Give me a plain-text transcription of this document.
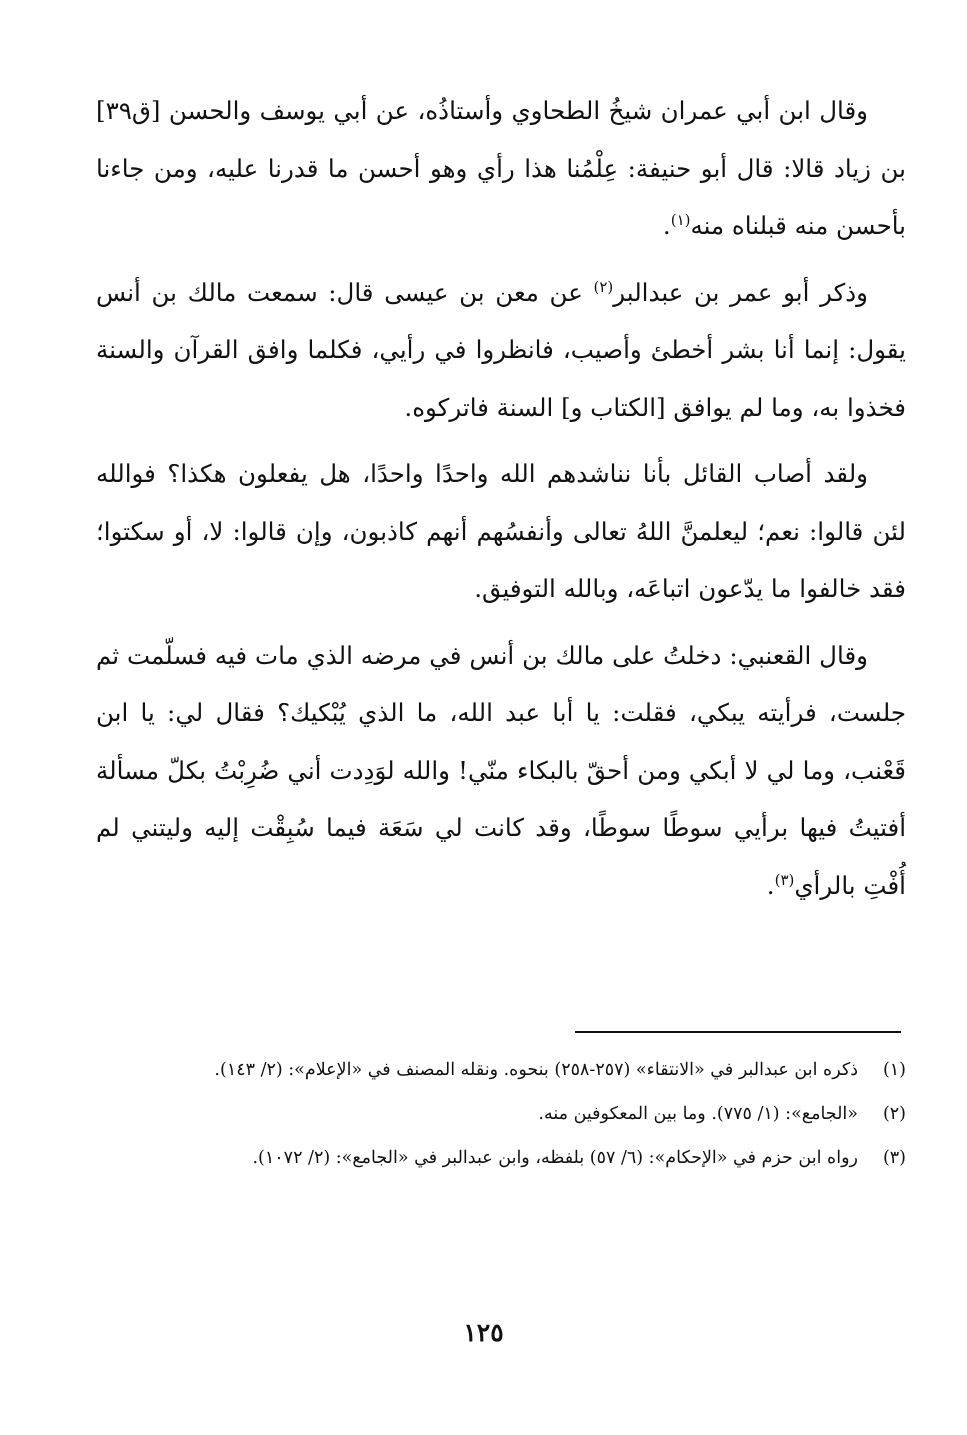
وقال ابن أبي عمران شيخُ الطحاوي وأستاذُه، عن أبي يوسف والحسن [ق٣٩] بن زياد قالا: قال أبو حنيفة: عِلْمُنا هذا رأي وهو أحسن ما قدرنا عليه، ومن جاءنا بأحسن منه قبلناه منه$^{(١)}$.

وذكر أبو عمر بن عبدالبر$^{(٢)}$ عن معن بن عيسى قال: سمعت مالك بن أنس يقول: إنما أنا بشر أخطئ وأصيب، فانظروا في رأيي، فكلما وافق القرآن والسنة فخذوا به، وما لم يوافق [الكتاب و] السنة فاتركوه.

ولقد أصاب القائل بأنا نناشدهم الله واحدًا واحدًا، هل يفعلون هكذا؟ فوالله لئن قالوا: نعم؛ ليعلمنَّ اللهُ تعالى وأنفسُهم أنهم كاذبون، وإن قالوا: لا، أو سكتوا؛ فقد خالفوا ما يدّعون اتباعَه، وبالله التوفيق.

وقال القعنبي: دخلتُ على مالك بن أنس في مرضه الذي مات فيه فسلّمت ثم جلست، فرأيته يبكي، فقلت: يا أبا عبد الله، ما الذي يُبْكيك؟ فقال لي: يا ابن قَعْنب، وما لي لا أبكي ومن أحقّ بالبكاء منّي! والله لوَدِدت أني ضُرِبْتُ بكلّ مسألة أفتيتُ فيها برأيي سوطًا سوطًا، وقد كانت لي سَعَة فيما سُبِقْت إليه وليتني لم أُفْتِ بالرأي$^{(٣)}$.

(١)
ذكره ابن عبدالبر في «الانتقاء» (٢٥٧-٢٥٨) بنحوه. ونقله المصنف في «الإعلام»: (٢/ ١٤٣).
(٢)
«الجامع»: (١/ ٧٧٥). وما بين المعكوفين منه.
(٣)
رواه ابن حزم في «الإحكام»: (٦/ ٥٧) بلفظه، وابن عبدالبر في «الجامع»: (٢/ ١٠٧٢).
١٢٥
